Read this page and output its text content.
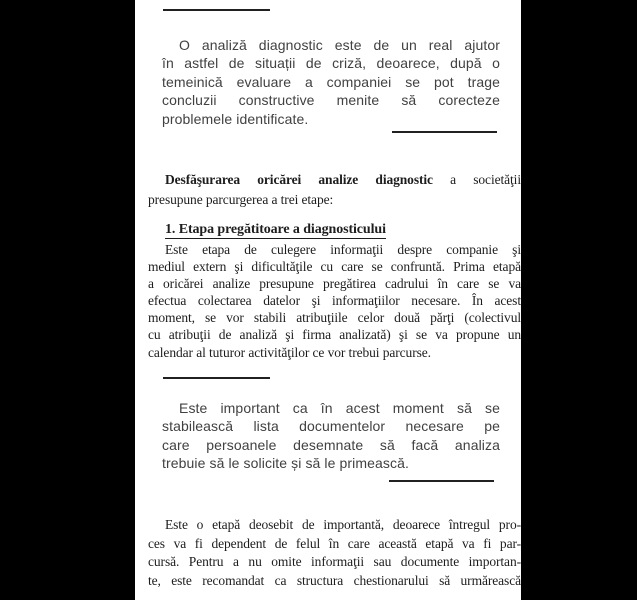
O analiză diagnostic este de un real ajutor
în astfel de situații de criză, deoarece, după o
temeinică evaluare a companiei se pot trage
concluzii constructive menite să corecteze
problemele identificate.
Desfăşurarea oricărei analize diagnostic a societăţii
presupune parcurgerea a trei etape:
1. Etapa pregătitoare a diagnosticului
Este etapa de culegere informaţii despre companie şi
mediul extern şi dificultăţile cu care se confruntă. Prima etapă
a oricărei analize presupune pregătirea cadrului în care se va
efectua colectarea datelor şi informaţiilor necesare. În acest
moment, se vor stabili atribuţiile celor două părţi (colectivul
cu atribuţii de analiză şi firma analizată) şi se va propune un
calendar al tuturor activităţilor ce vor trebui parcurse.
Este important ca în acest moment să se
stabilească lista documentelor necesare pe
care persoanele desemnate să facă analiza
trebuie să le solicite și să le primească.
Este o etapă deosebit de importantă, deoarece întregul pro-
ces va fi dependent de felul în care această etapă va fi par-
cursă. Pentru a nu omite informaţii sau documente importan-
te, este recomandat ca structura chestionarului să urmărească
